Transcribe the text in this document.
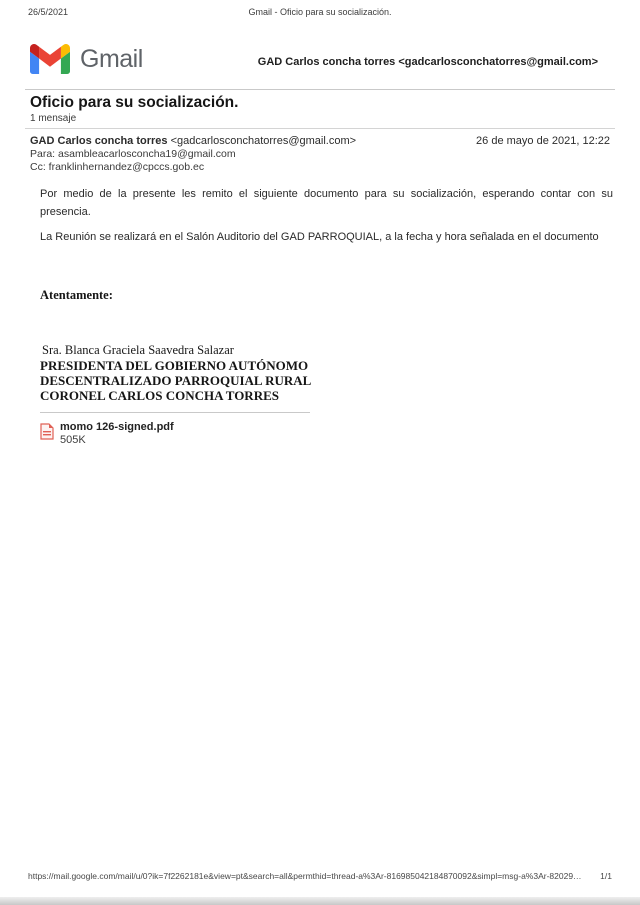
26/5/2021	Gmail - Oficio para su socialización.
Gmail	GAD Carlos concha torres <gadcarlosconchatorres@gmail.com>
Oficio para su socialización.
1 mensaje
GAD Carlos concha torres <gadcarlosconchatorres@gmail.com>	26 de mayo de 2021, 12:22
Para: asambleacarlosconcha19@gmail.com
Cc: franklinhernandez@cpccs.gob.ec
Por medio de la presente les remito el siguiente documento para su socialización, esperando contar con su presencia.
La Reunión se realizará en el Salón Auditorio del GAD PARROQUIAL, a la fecha y hora señalada en el documento
Atentamente:
Sra. Blanca Graciela Saavedra Salazar
PRESIDENTA DEL GOBIERNO AUTÓNOMO
DESCENTRALIZADO PARROQUIAL RURAL
CORONEL CARLOS CONCHA TORRES
momo 126-signed.pdf
505K
https://mail.google.com/mail/u/0?ik=7f2262181e&view=pt&search=all&permthid=thread-a%3Ar-816985042184870092&simpl=msg-a%3Ar-82029… 1/1
